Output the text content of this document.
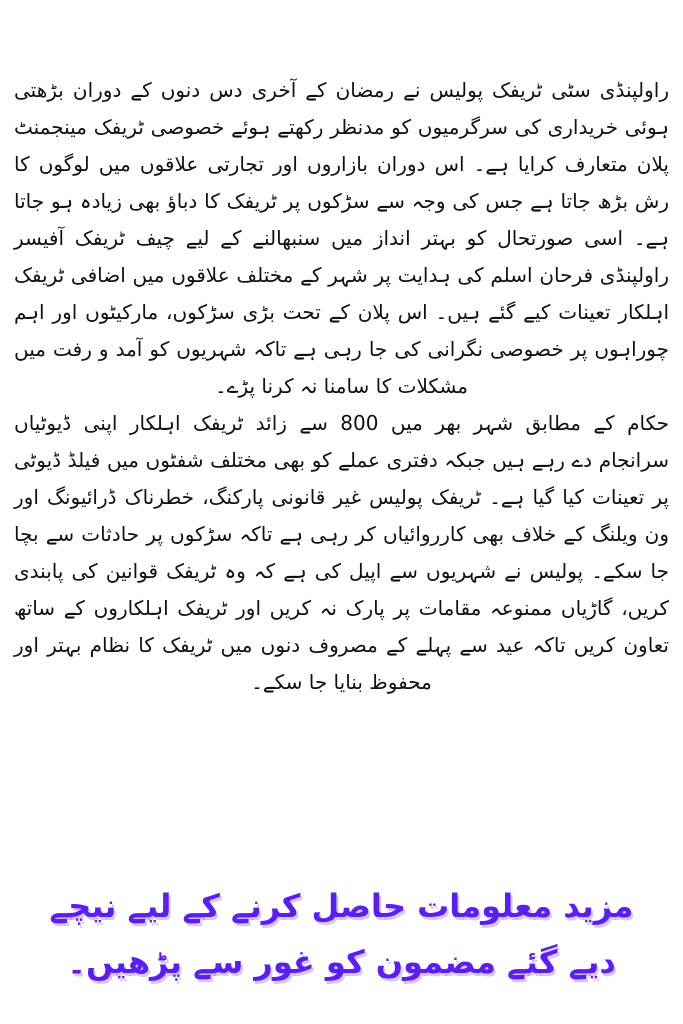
راولپنڈی سٹی ٹریفک پولیس نے رمضان کے آخری دس دنوں کے دوران بڑھتی ہوئی خریداری کی سرگرمیوں کو مدنظر رکھتے ہوئے خصوصی ٹریفک مینجمنٹ پلان متعارف کرایا ہے۔ اس دوران بازاروں اور تجارتی علاقوں میں لوگوں کا رش بڑھ جاتا ہے جس کی وجہ سے سڑکوں پر ٹریفک کا دباؤ بھی زیادہ ہو جاتا ہے۔ اسی صورتحال کو بہتر انداز میں سنبھالنے کے لیے چیف ٹریفک آفیسر راولپنڈی فرحان اسلم کی ہدایت پر شہر کے مختلف علاقوں میں اضافی ٹریفک اہلکار تعینات کیے گئے ہیں۔ اس پلان کے تحت بڑی سڑکوں، مارکیٹوں اور اہم چوراہوں پر خصوصی نگرانی کی جا رہی ہے تاکہ شہریوں کو آمد و رفت میں مشکلات کا سامنا نہ کرنا پڑے۔

حکام کے مطابق شہر بھر میں 800 سے زائد ٹریفک اہلکار اپنی ڈیوٹیاں سرانجام دے رہے ہیں جبکہ دفتری عملے کو بھی مختلف شفٹوں میں فیلڈ ڈیوٹی پر تعینات کیا گیا ہے۔ ٹریفک پولیس غیر قانونی پارکنگ، خطرناک ڈرائیونگ اور ون ویلنگ کے خلاف بھی کارروائیاں کر رہی ہے تاکہ سڑکوں پر حادثات سے بچا جا سکے۔ پولیس نے شہریوں سے اپیل کی ہے کہ وہ ٹریفک قوانین کی پابندی کریں، گاڑیاں ممنوعہ مقامات پر پارک نہ کریں اور ٹریفک اہلکاروں کے ساتھ تعاون کریں تاکہ عید سے پہلے کے مصروف دنوں میں ٹریفک کا نظام بہتر اور محفوظ بنایا جا سکے۔

مزید معلومات حاصل کرنے کے لیے نیچے
دیے گئے مضمون کو غور سے پڑھیں۔
